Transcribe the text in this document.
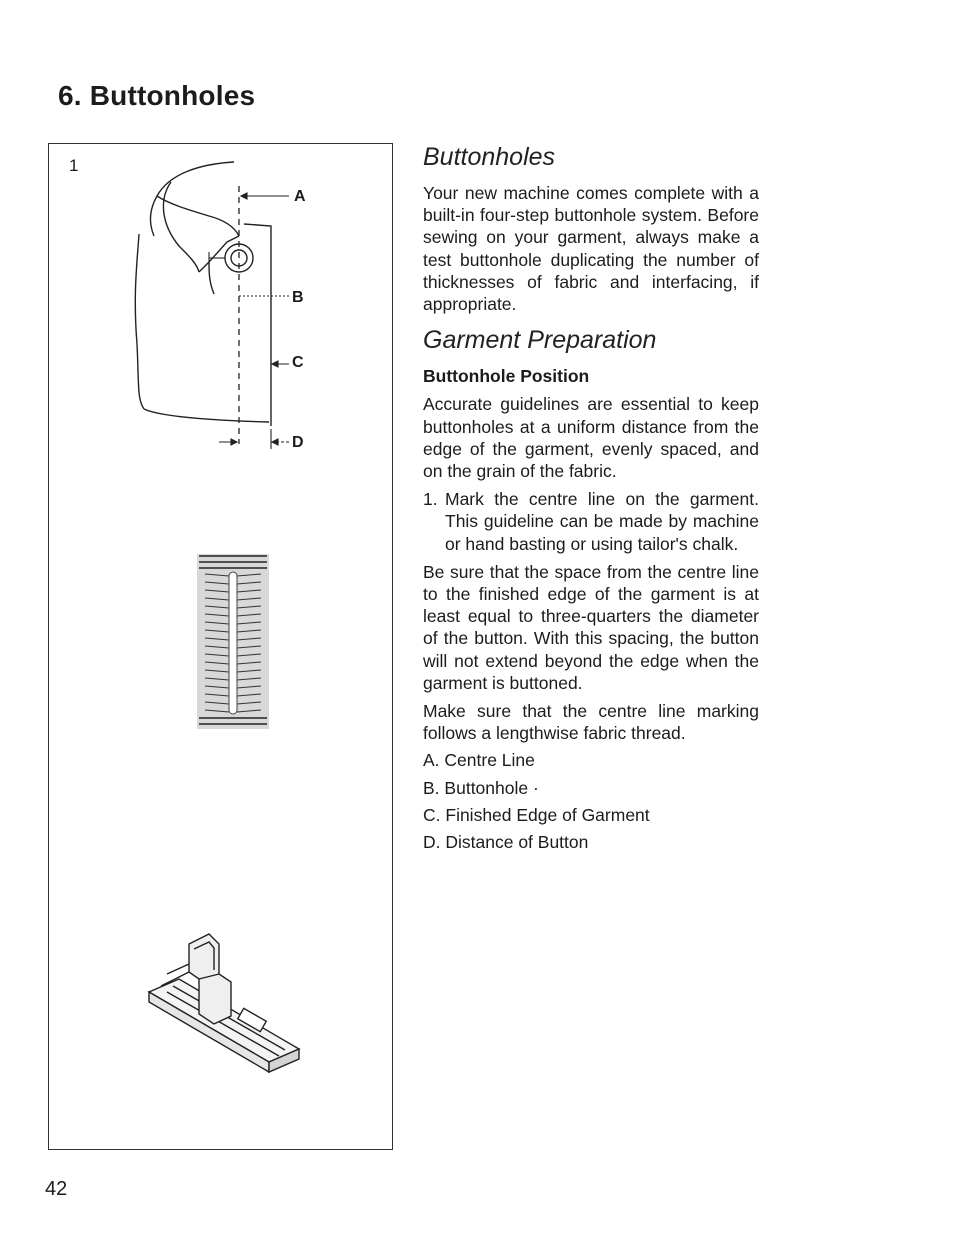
6. Buttonholes
1
A
B
C
D
Buttonholes

Your new machine comes complete with a built-in four-step buttonhole system. Before sewing on your garment, always make a test buttonhole duplicating the number of thicknesses of fabric and interfacing, if appropriate.

Garment Preparation
Buttonhole Position

Accurate guidelines are essential to keep buttonholes at a uniform distance from the edge of the garment, evenly spaced, and on the grain of the fabric.

1. Mark the centre line on the garment. This guideline can be made by machine or hand basting or using tailor's chalk.

Be sure that the space from the centre line to the finished edge of the garment is at least equal to three-quarters the diameter of the button. With this spacing, the button will not extend beyond the edge when the garment is buttoned.

Make sure that the centre line marking follows a lengthwise fabric thread.

A. Centre Line
B. Buttonhole ·
C. Finished Edge of Garment
D. Distance of Button
42
